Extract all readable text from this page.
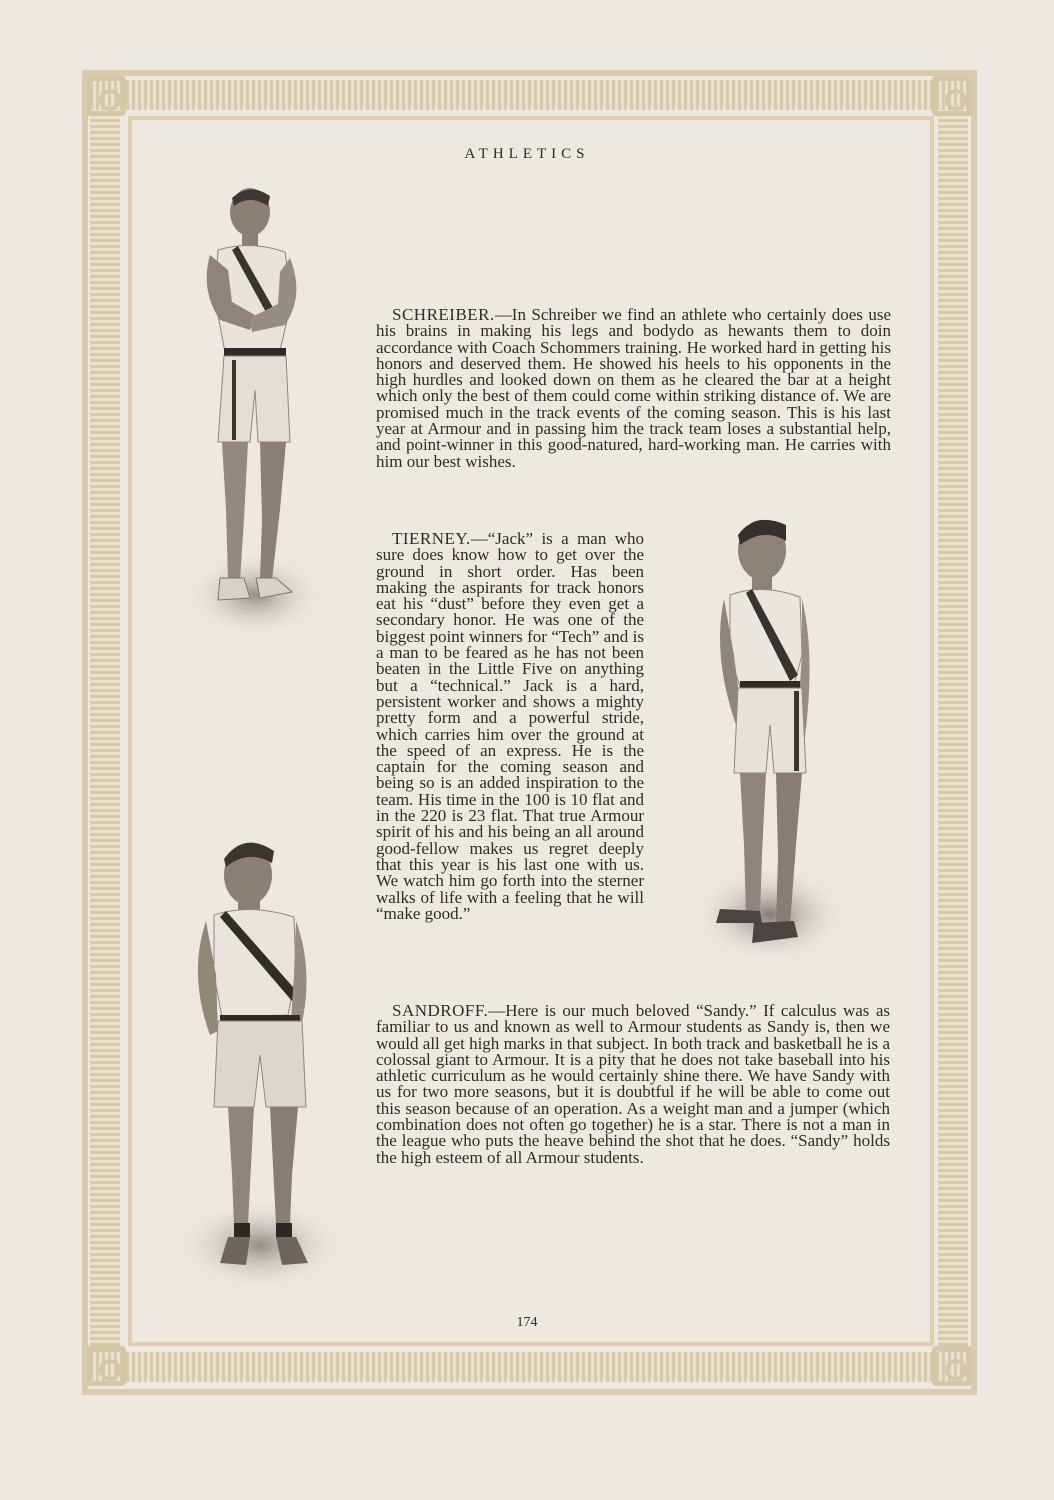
ATHLETICS

SCHREIBER.—In Schreiber we find an athlete who certainly does use his brains in making his legs and bodydo as hewants them to doin accordance with Coach Schommers training. He worked hard in getting his honors and deserved them. He showed his heels to his opponents in the high hurdles and looked down on them as he cleared the bar at a height which only the best of them could come within striking distance of. We are promised much in the track events of the coming season. This is his last year at Armour and in passing him the track team loses a substantial help, and point-winner in this good-natured, hard-working man. He carries with him our best wishes.

TIERNEY.—“Jack” is a man who sure does know how to get over the ground in short order. Has been making the aspirants for track honors eat his “dust” before they even get a secondary honor. He was one of the biggest point winners for “Tech” and is a man to be feared as he has not been beaten in the Little Five on anything but a “technical.” Jack is a hard, persistent worker and shows a mighty pretty form and a powerful stride, which carries him over the ground at the speed of an express. He is the captain for the coming season and being so is an added inspiration to the team. His time in the 100 is 10 flat and in the 220 is 23 flat. That true Armour spirit of his and his being an all around good-fellow makes us regret deeply that this year is his last one with us. We watch him go forth into the sterner walks of life with a feeling that he will “make good.”

SANDROFF.—Here is our much beloved “Sandy.” If calculus was as familiar to us and known as well to Armour students as Sandy is, then we would all get high marks in that subject. In both track and basketball he is a colossal giant to Armour. It is a pity that he does not take baseball into his athletic curriculum as he would certainly shine there. We have Sandy with us for two more seasons, but it is doubtful if he will be able to come out this season because of an operation. As a weight man and a jumper (which combination does not often go together) he is a star. There is not a man in the league who puts the heave behind the shot that he does. “Sandy” holds the high esteem of all Armour students.

174
